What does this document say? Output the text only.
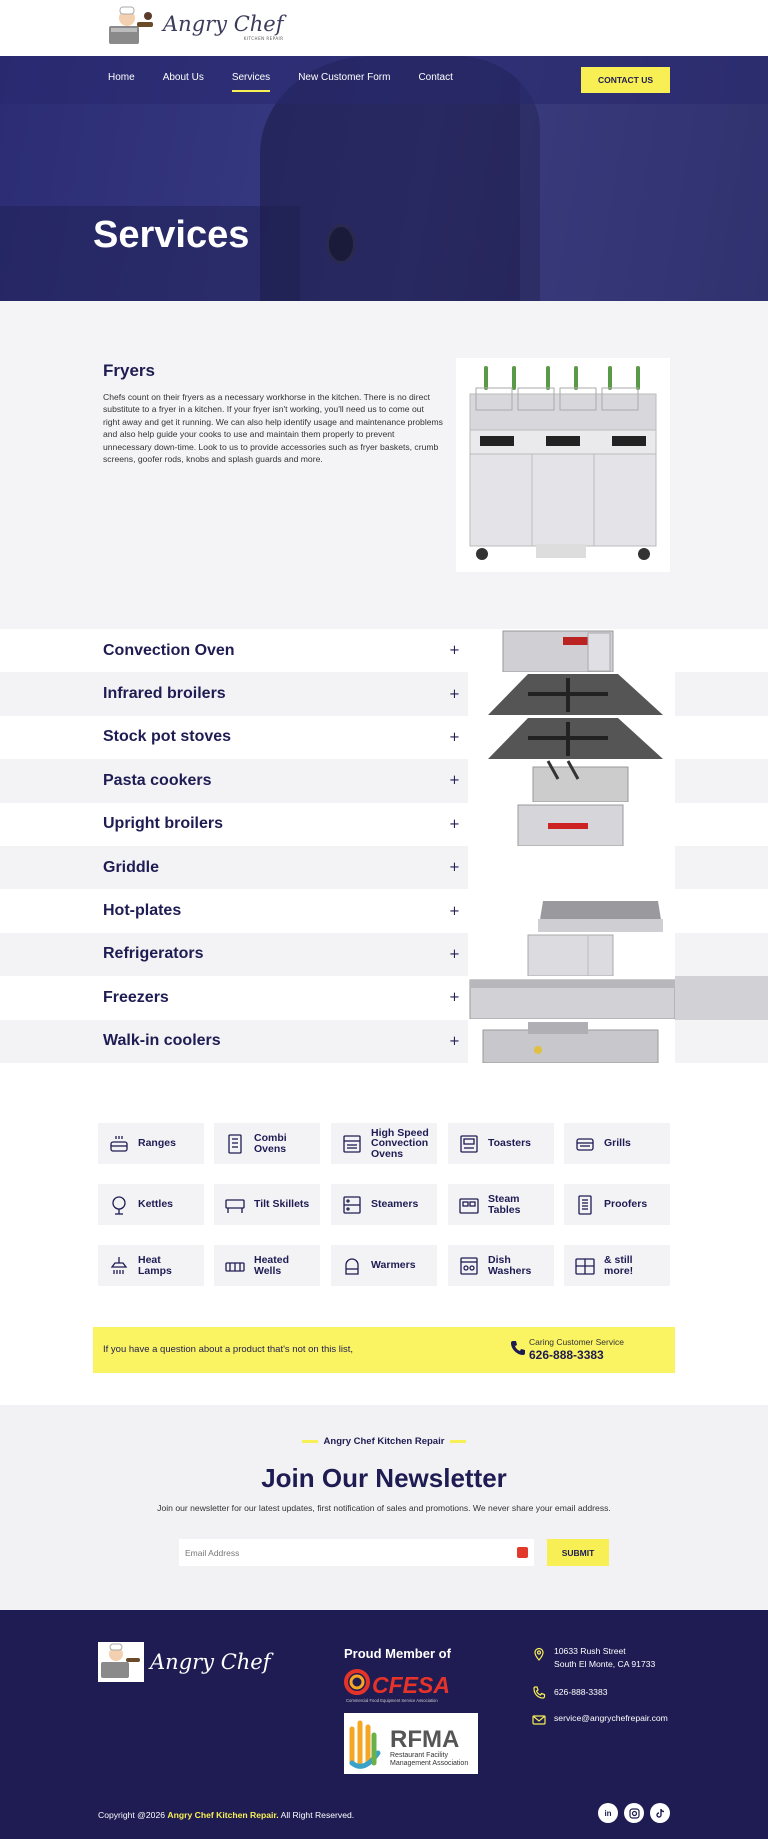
Angry Chef
KITCHEN REPAIR
Services
Home	About Us	Services	New Customer Form	Contact	CONTACT US
Fryers
Chefs count on their fryers as a necessary workhorse in the kitchen. There is no direct substitute to a fryer in a kitchen. If your fryer isn't working, you'll need us to come out right away and get it running. We can also help identify usage and maintenance problems and also help guide your cooks to use and maintain them properly to prevent unnecessary down-time. Look to us to provide accessories such as fryer baskets, crumb screens, goofer rods, knobs and splash guards and more.
Convection Oven	+
Infrared broilers	+
Stock pot stoves	+
Pasta cookers	+
Upright broilers	+
Griddle	+
Hot-plates	+
Refrigerators	+
Freezers	+
Walk-in coolers	+
Ranges	Combi Ovens
High Speed Convection Ovens
Toasters	Grills
Kettles	Tilt Skillets	Steamers	Steam Tables	Proofers
Heat Lamps
Heated Wells	Warmers	Dish Washers
& still more!
If you have a question about a product that's not on this list,
Caring Customer Service
626-888-3383
Angry Chef Kitchen Repair
Join Our Newsletter
Join our newsletter for our latest updates, first notification of sales and promotions. We never share your email address.
Email Address	SUBMIT
Angry Chef	Proud Member of
CFESA
Commercial Food Equipment Service Association
RFMA
Restaurant Facility
Management Association
10633 Rush Street
South El Monte, CA 91733
626-888-3383
service@angrychefrepair.com
Copyright @2026 Angry Chef Kitchen Repair. All Right Reserved.	in
